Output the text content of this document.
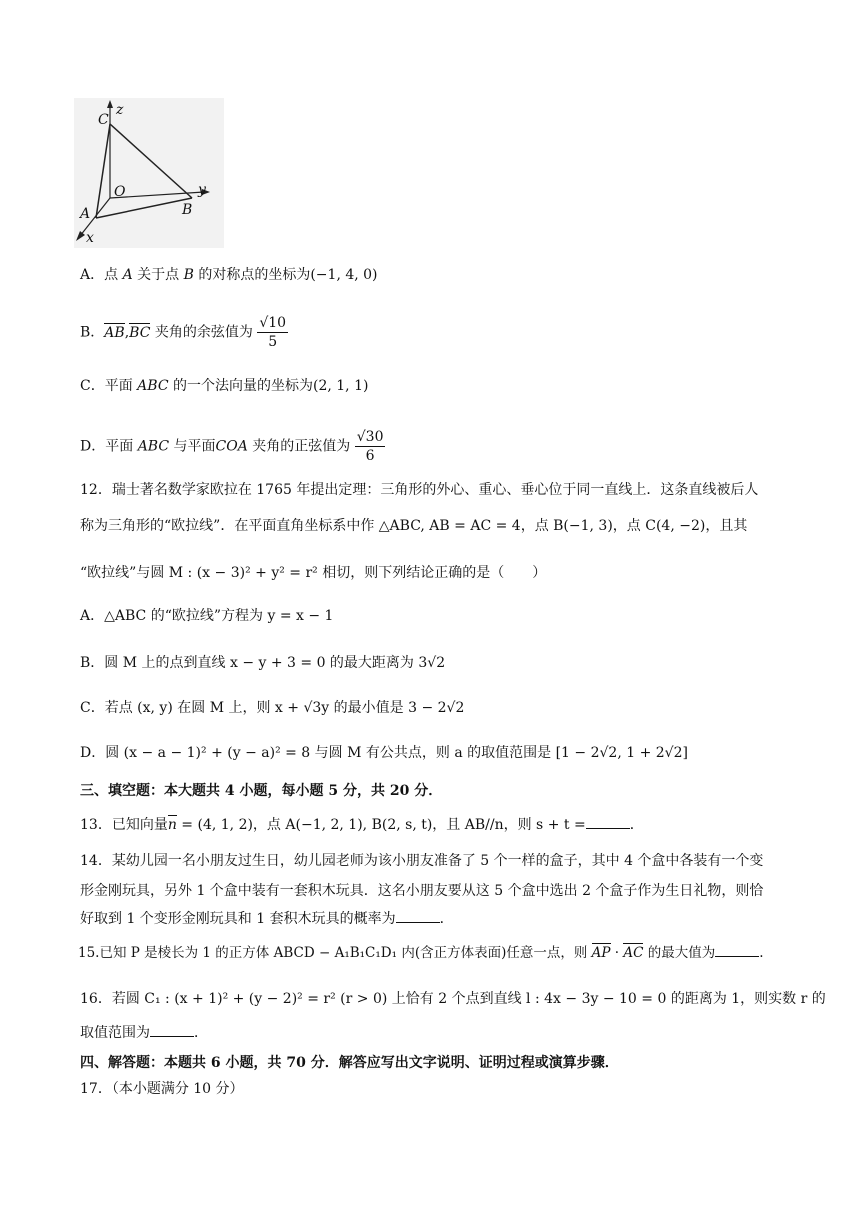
C
z
O	y
A	B
x
A．点 A 关于点 B 的对称点的坐标为(−1, 4, 0)
B．AB,BC 夹角的余弦值为 $\frac{√10}{5}$
C．平面 ABC 的一个法向量的坐标为(2, 1, 1)
D．平面 ABC 与平面COA 夹角的正弦值为 $\frac{√30}{6}$
12．瑞士著名数学家欧拉在 1765 年提出定理：三角形的外心、重心、垂心位于同一直线上．这条直线被后人
称为三角形的“欧拉线”．在平面直角坐标系中作 △ABC, AB = AC = 4，点 B(−1, 3)，点 C(4, −2)，且其
“欧拉线”与圆 M : (x − 3)² + y² = r² 相切，则下列结论正确的是（　　）
A．△ABC 的“欧拉线”方程为 y = x − 1
B．圆 M 上的点到直线 x − y + 3 = 0 的最大距离为 3√2
C．若点 (x, y) 在圆 M 上，则 x + √3y 的最小值是 3 − 2√2
D．圆 (x − a − 1)² + (y − a)² = 8 与圆 M 有公共点，则 a 的取值范围是 [1 − 2√2, 1 + 2√2]
三、填空题：本大题共 4 小题，每小题 5 分，共 20 分．
13．已知向量n = (4, 1, 2)，点 A(−1, 2, 1), B(2, s, t)，且 AB//n，则 s + t =	．
14．某幼儿园一名小朋友过生日，幼儿园老师为该小朋友准备了 5 个一样的盒子，其中 4 个盒中各装有一个变
形金刚玩具，另外 1 个盒中装有一套积木玩具．这名小朋友要从这 5 个盒中选出 2 个盒子作为生日礼物，则恰
好取到 1 个变形金刚玩具和 1 套积木玩具的概率为	．
15.已知 P 是棱长为 1 的正方体 ABCD − A₁B₁C₁D₁ 内(含正方体表面)任意一点，则 AP · AC 的最大值为	.
16．若圆 C₁ : (x + 1)² + (y − 2)² = r² (r > 0) 上恰有 2 个点到直线 l : 4x − 3y − 10 = 0 的距离为 1，则实数 r 的
取值范围为	．
四、解答题：本题共 6 小题，共 70 分．解答应写出文字说明、证明过程或演算步骤．
17．（本小题满分 10 分）
